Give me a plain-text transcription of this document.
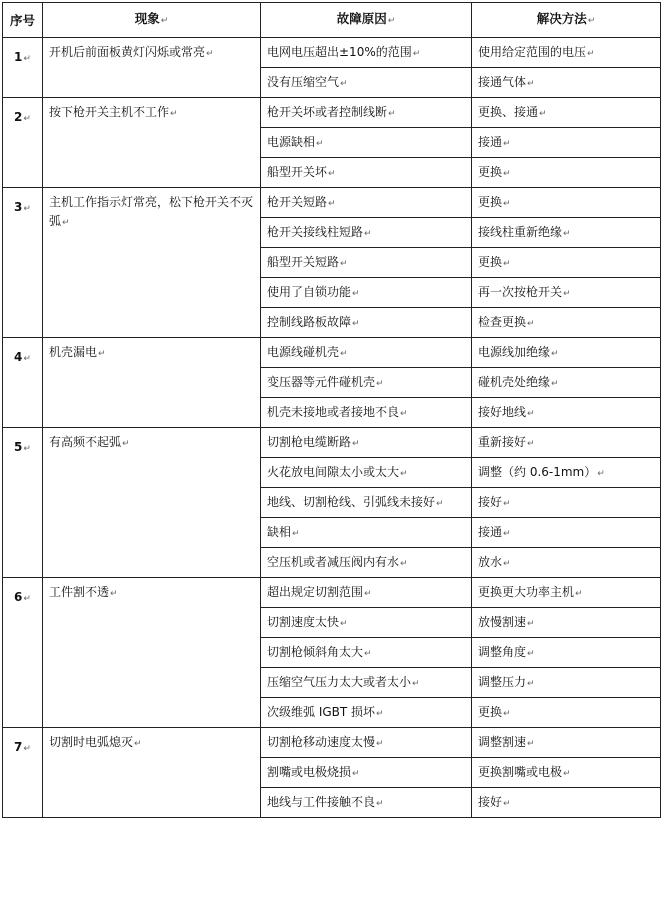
序号	现象↵	故障原因↵	解决方法↵
1↵	开机后前面板黄灯闪烁或常亮↵	电网电压超出±10%的范围↵	使用给定范围的电压↵
		没有压缩空气↵	接通气体↵
2↵	按下枪开关主机不工作↵	枪开关坏或者控制线断↵	更换、接通↵
		电源缺相↵	接通↵
		船型开关坏↵	更换↵
3↵	主机工作指示灯常亮，松下枪开关不灭弧↵	枪开关短路↵	更换↵
		枪开关接线柱短路↵	接线柱重新绝缘↵
		船型开关短路↵	更换↵
		使用了自锁功能↵	再一次按枪开关↵
		控制线路板故障↵	检查更换↵
4↵	机壳漏电↵	电源线碰机壳↵	电源线加绝缘↵
		变压器等元件碰机壳↵	碰机壳处绝缘↵
		机壳未接地或者接地不良↵	接好地线↵
5↵	有高频不起弧↵	切割枪电缆断路↵	重新接好↵
		火花放电间隙太小或太大↵	调整（约 0.6-1mm）↵
		地线、切割枪线、引弧线未接好↵	接好↵
		缺相↵	接通↵
		空压机或者减压阀内有水↵	放水↵
6↵	工件割不透↵	超出规定切割范围↵	更换更大功率主机↵
		切割速度太快↵	放慢割速↵
		切割枪倾斜角太大↵	调整角度↵
		压缩空气压力太大或者太小↵	调整压力↵
		次级维弧 IGBT 损坏↵	更换↵
7↵	切割时电弧熄灭↵	切割枪移动速度太慢↵	调整割速↵
		割嘴或电极烧损↵	更换割嘴或电极↵
		地线与工件接触不良↵	接好↵
